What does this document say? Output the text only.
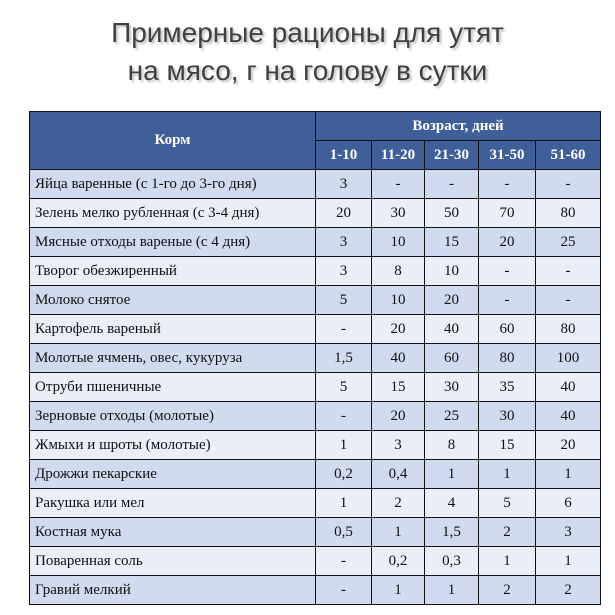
Примерные рационы для утят
на мясо, г на голову в сутки
Корм	Возраст, дней				
	1-10	11-20	21-30	31-50	51-60
Яйца варенные (с 1-го до 3-го дня)	3	-	-	-	-
Зелень мелко рубленная (с 3-4 дня)	20	30	50	70	80
Мясные отходы вареные (с 4 дня)	3	10	15	20	25
Творог обезжиренный	3	8	10	-	-
Молоко снятое	5	10	20	-	-
Картофель вареный	-	20	40	60	80
Молотые ячмень, овес, кукуруза	1,5	40	60	80	100
Отруби пшеничные	5	15	30	35	40
Зерновые отходы (молотые)	-	20	25	30	40
Жмыхи и шроты (молотые)	1	3	8	15	20
Дрожжи пекарские	0,2	0,4	1	1	1
Ракушка или мел	1	2	4	5	6
Костная мука	0,5	1	1,5	2	3
Поваренная соль	-	0,2	0,3	1	1
Гравий мелкий	-	1	1	2	2
